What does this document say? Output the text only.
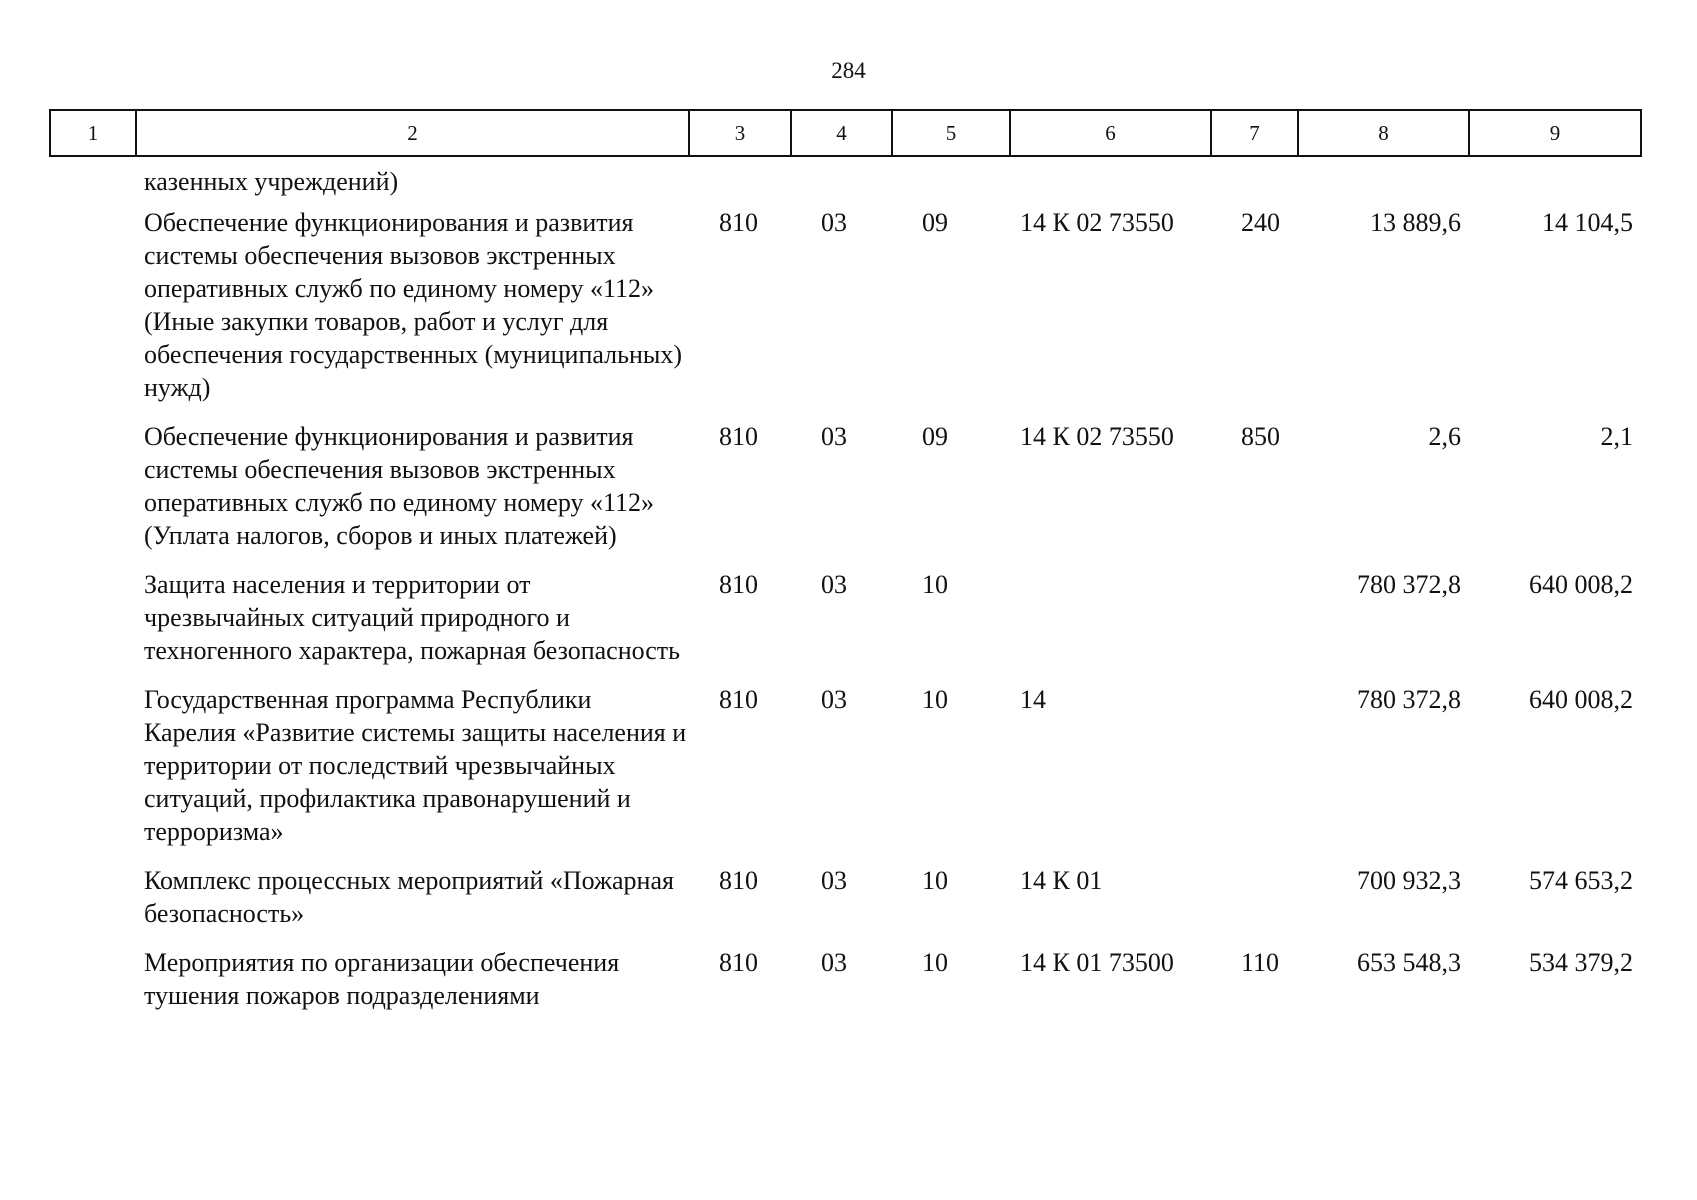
284
1	2	3	4	5	6	7	8	9
казенных учреждений)								
Обеспечение функционирования и развития системы обеспечения вызовов экстренных оперативных служб по единому номеру «112» (Иные закупки товаров, работ и услуг для обеспечения государственных (муниципальных) нужд)		810	03	09	14 К 02 73550	240	13 889,6	14 104,5
Обеспечение функционирования и развития системы обеспечения вызовов экстренных оперативных служб по единому номеру «112» (Уплата налогов, сборов и иных платежей)		810	03	09	14 К 02 73550	850	2,6	2,1
Защита населения и территории от чрезвычайных ситуаций природного и техногенного характера, пожарная безопасность		810	03	10			780 372,8	640 008,2
Государственная программа Республики Карелия «Развитие системы защиты населения и территории от последствий чрезвычайных ситуаций, профилактика правонарушений и терроризма»		810	03	10	14		780 372,8	640 008,2
Комплекс процессных мероприятий «Пожарная безопасность»		810	03	10	14 К 01		700 932,3	574 653,2
Мероприятия по организации обеспечения тушения пожаров подразделениями		810	03	10	14 К 01 73500	110	653 548,3	534 379,2
